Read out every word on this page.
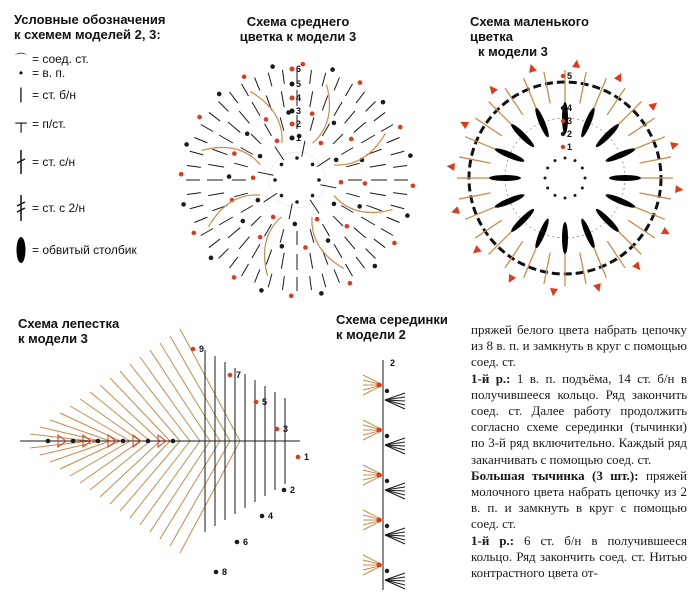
Условные обозначения
к схемем моделей 2, 3:
⌒ = соед. ст.
• = в. п.
| = ст. б/н
┬ = п/ст.
= ст. с/н
= ст. с 2/н
= обвитый столбик
Схема среднего
цветка к модели 3
1
2
3
4
5
6
Схема маленького цветка
к модели 3
1
2
3
4
5
Схема лепестка
к модели 3
9
7
5
3
1
2
4
6
8
Схема серединки
к модели 2
2
пряжей белого цвета набрать цепочку из 8 в. п. и замкнуть в круг с помощью соед. ст.
1-й р.: 1 в. п. подъёма, 14 ст. б/н в получившееся кольцо. Ряд закончить соед. ст. Далее работу продолжить согласно схеме серединки (тычинки) по 3-й ряд включительно. Каждый ряд заканчивать с помощью соед. ст.
Большая тычинка (3 шт.): пряжей молочного цвета набрать цепочку из 2 в. п. и замкнуть в круг с помощью соед. ст.
1-й р.: 6 ст. б/н в получившееся кольцо. Ряд закончить соед. ст. Нитью контрастного цвета от-
